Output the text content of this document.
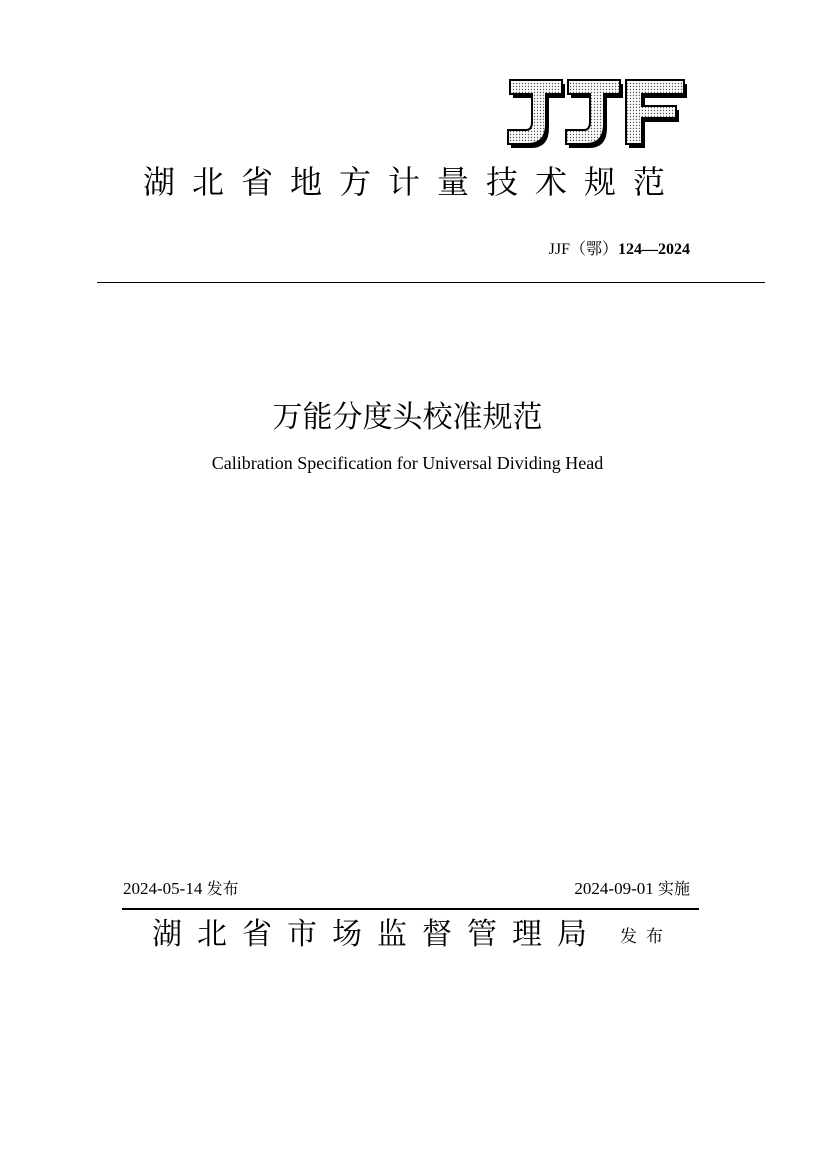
湖北省地方计量技术规范
JJF（鄂）124—2024
万能分度头校准规范
Calibration Specification for Universal Dividing Head
2024-05-14 发布	2024-09-01 实施
湖北省市场监督管理局 发布
